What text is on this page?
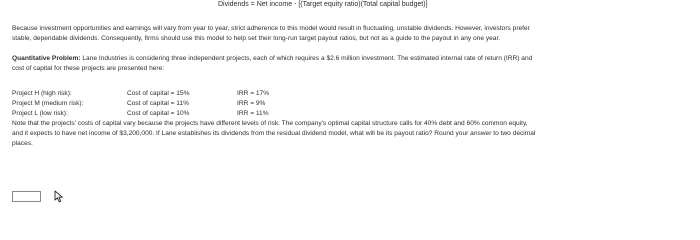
Dividends = Net income - [(Target equity ratio)(Total capital budget)]
Because investment opportunities and earnings will vary from year to year, strict adherence to this model would result in fluctuating, unstable dividends. However, investors prefer
stable, dependable dividends. Consequently, firms should use this model to help set their long-run target payout ratios, but not as a guide to the payout in any one year.
Quantitative Problem: Lane Industries is considering three independent projects, each of which requires a $2.6 million investment. The estimated internal rate of return (IRR) and
cost of capital for these projects are presented here:
Project H (high risk):	Cost of capital = 15%	IRR = 17%
Project M (medium risk):	Cost of capital = 11%	IRR = 9%
Project L (low risk):	Cost of capital = 10%	IRR = 11%
Note that the projects' costs of capital vary because the projects have different levels of risk. The company's optimal capital structure calls for 40% debt and 60% common equity,
and it expects to have net income of $3,200,000. If Lane establishes its dividends from the residual dividend model, what will be its payout ratio? Round your answer to two decimal
places.
